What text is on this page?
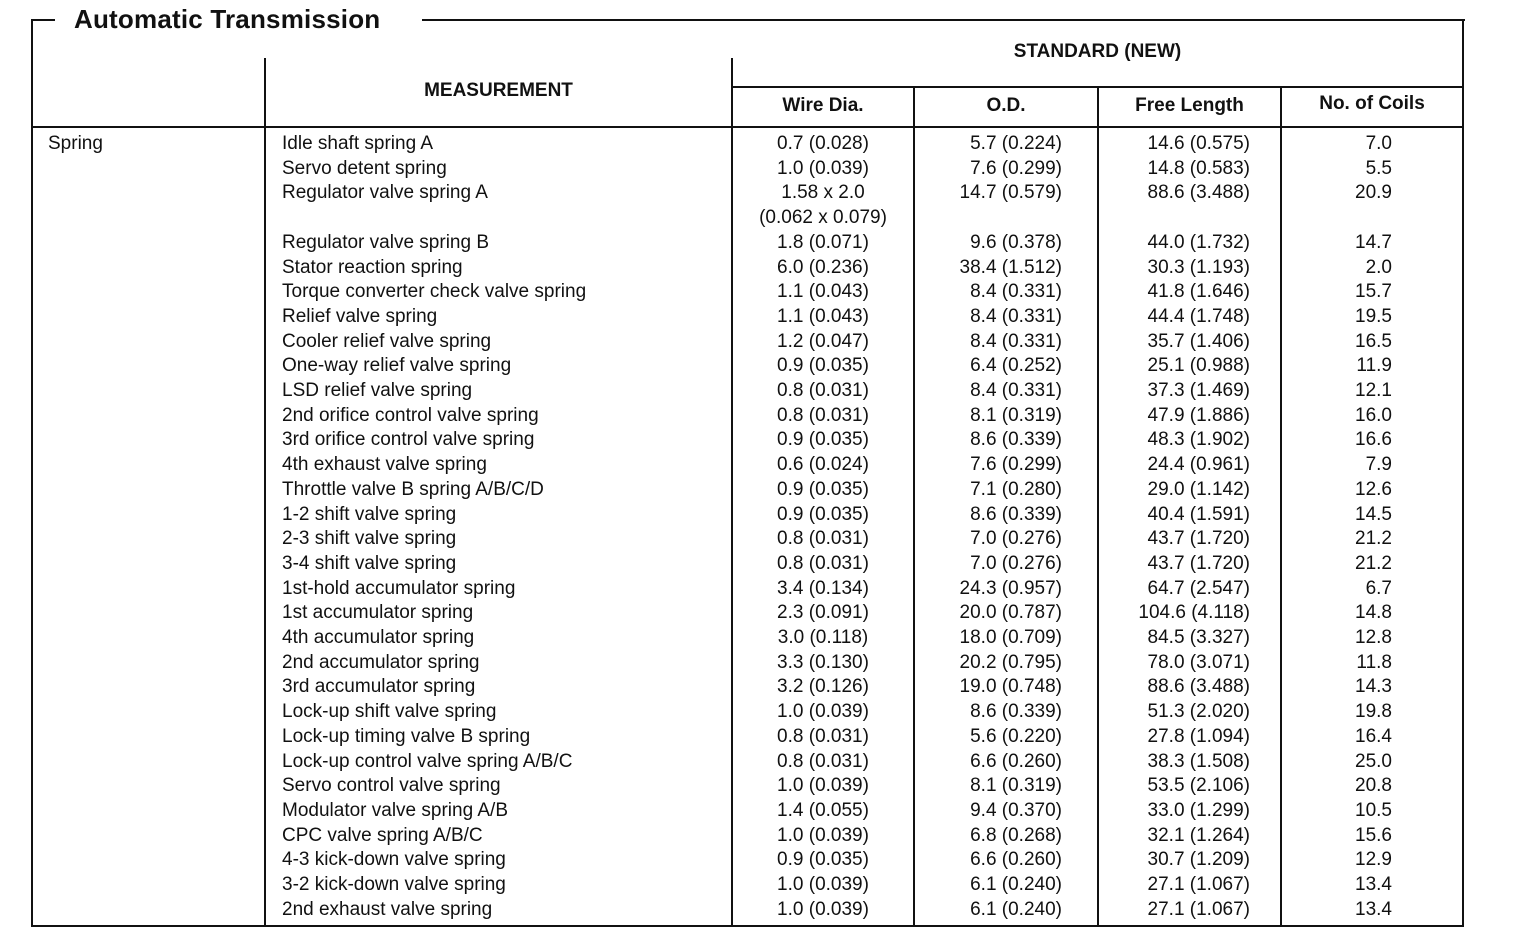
Automatic Transmission
MEASUREMENT
STANDARD (NEW)
Wire Dia.	O.D.	Free Length	No. of Coils
Spring	Idle shaft spring A	0.7 (0.028)	5.7 (0.224)	14.6 (0.575)	7.0
Servo detent spring	1.0 (0.039)	7.6 (0.299)	14.8 (0.583)	5.5
Regulator valve spring A	1.58 x 2.0	14.7 (0.579)	88.6 (3.488)	20.9
(0.062 x 0.079)
Regulator valve spring B	1.8 (0.071)	9.6 (0.378)	44.0 (1.732)	14.7
Stator reaction spring	6.0 (0.236)	38.4 (1.512)	30.3 (1.193)	2.0
Torque converter check valve spring	1.1 (0.043)	8.4 (0.331)	41.8 (1.646)	15.7
Relief valve spring	1.1 (0.043)	8.4 (0.331)	44.4 (1.748)	19.5
Cooler relief valve spring	1.2 (0.047)	8.4 (0.331)	35.7 (1.406)	16.5
One-way relief valve spring	0.9 (0.035)	6.4 (0.252)	25.1 (0.988)	11.9
LSD relief valve spring	0.8 (0.031)	8.4 (0.331)	37.3 (1.469)	12.1
2nd orifice control valve spring	0.8 (0.031)	8.1 (0.319)	47.9 (1.886)	16.0
3rd orifice control valve spring	0.9 (0.035)	8.6 (0.339)	48.3 (1.902)	16.6
4th exhaust valve spring	0.6 (0.024)	7.6 (0.299)	24.4 (0.961)	7.9
Throttle valve B spring A/B/C/D	0.9 (0.035)	7.1 (0.280)	29.0 (1.142)	12.6
1-2 shift valve spring	0.9 (0.035)	8.6 (0.339)	40.4 (1.591)	14.5
2-3 shift valve spring	0.8 (0.031)	7.0 (0.276)	43.7 (1.720)	21.2
3-4 shift valve spring	0.8 (0.031)	7.0 (0.276)	43.7 (1.720)	21.2
1st-hold accumulator spring	3.4 (0.134)	24.3 (0.957)	64.7 (2.547)	6.7
1st accumulator spring	2.3 (0.091)	20.0 (0.787)	104.6 (4.118)	14.8
4th accumulator spring	3.0 (0.118)	18.0 (0.709)	84.5 (3.327)	12.8
2nd accumulator spring	3.3 (0.130)	20.2 (0.795)	78.0 (3.071)	11.8
3rd accumulator spring	3.2 (0.126)	19.0 (0.748)	88.6 (3.488)	14.3
Lock-up shift valve spring	1.0 (0.039)	8.6 (0.339)	51.3 (2.020)	19.8
Lock-up timing valve B spring	0.8 (0.031)	5.6 (0.220)	27.8 (1.094)	16.4
Lock-up control valve spring A/B/C	0.8 (0.031)	6.6 (0.260)	38.3 (1.508)	25.0
Servo control valve spring	1.0 (0.039)	8.1 (0.319)	53.5 (2.106)	20.8
Modulator valve spring A/B	1.4 (0.055)	9.4 (0.370)	33.0 (1.299)	10.5
CPC valve spring A/B/C	1.0 (0.039)	6.8 (0.268)	32.1 (1.264)	15.6
4-3 kick-down valve spring	0.9 (0.035)	6.6 (0.260)	30.7 (1.209)	12.9
3-2 kick-down valve spring	1.0 (0.039)	6.1 (0.240)	27.1 (1.067)	13.4
2nd exhaust valve spring	1.0 (0.039)	6.1 (0.240)	27.1 (1.067)	13.4
